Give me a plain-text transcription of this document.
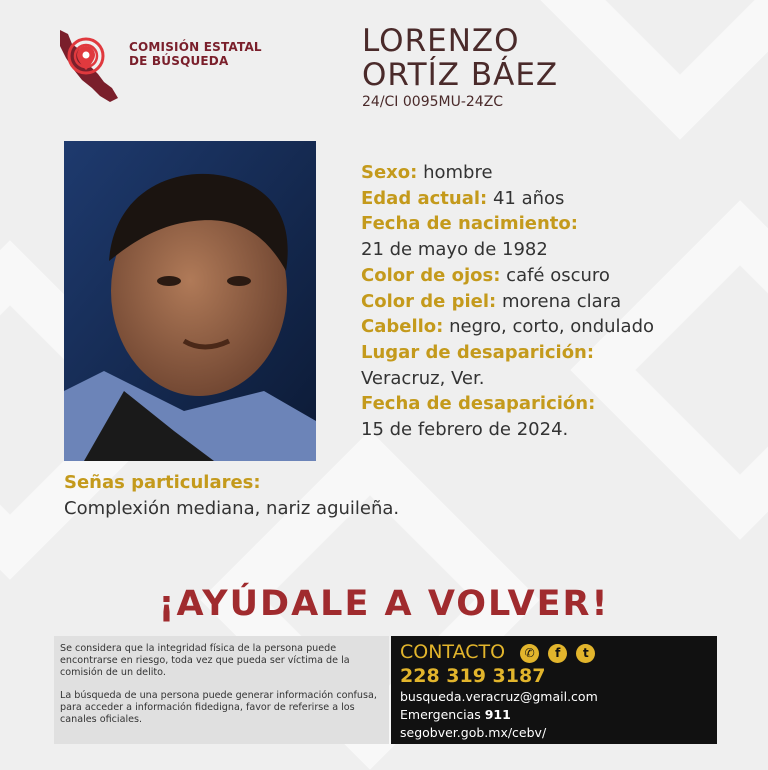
COMISIÓN ESTATAL
DE BÚSQUEDA
LORENZO
ORTÍZ BÁEZ
24/CI 0095MU-24ZC
Sexo: hombre
Edad actual: 41 años
Fecha de nacimiento:
21 de mayo de 1982
Color de ojos: café oscuro
Color de piel: morena clara
Cabello: negro, corto, ondulado
Lugar de desaparición:
Veracruz, Ver.
Fecha de desaparición:
15 de febrero de 2024.
Señas particulares:
Complexión mediana, nariz aguileña.
¡AYÚDALE A VOLVER!

Se considera que la integridad física de la persona puede encontrarse en riesgo, toda vez que pueda ser víctima de la comisión de un delito.

La búsqueda de una persona puede generar información confusa, para acceder a información fidedigna, favor de referirse a los canales oficiales.

CONTACTO ✆ f t
228 319 3187
busqueda.veracruz@gmail.com
Emergencias 911
segobver.gob.mx/cebv/
